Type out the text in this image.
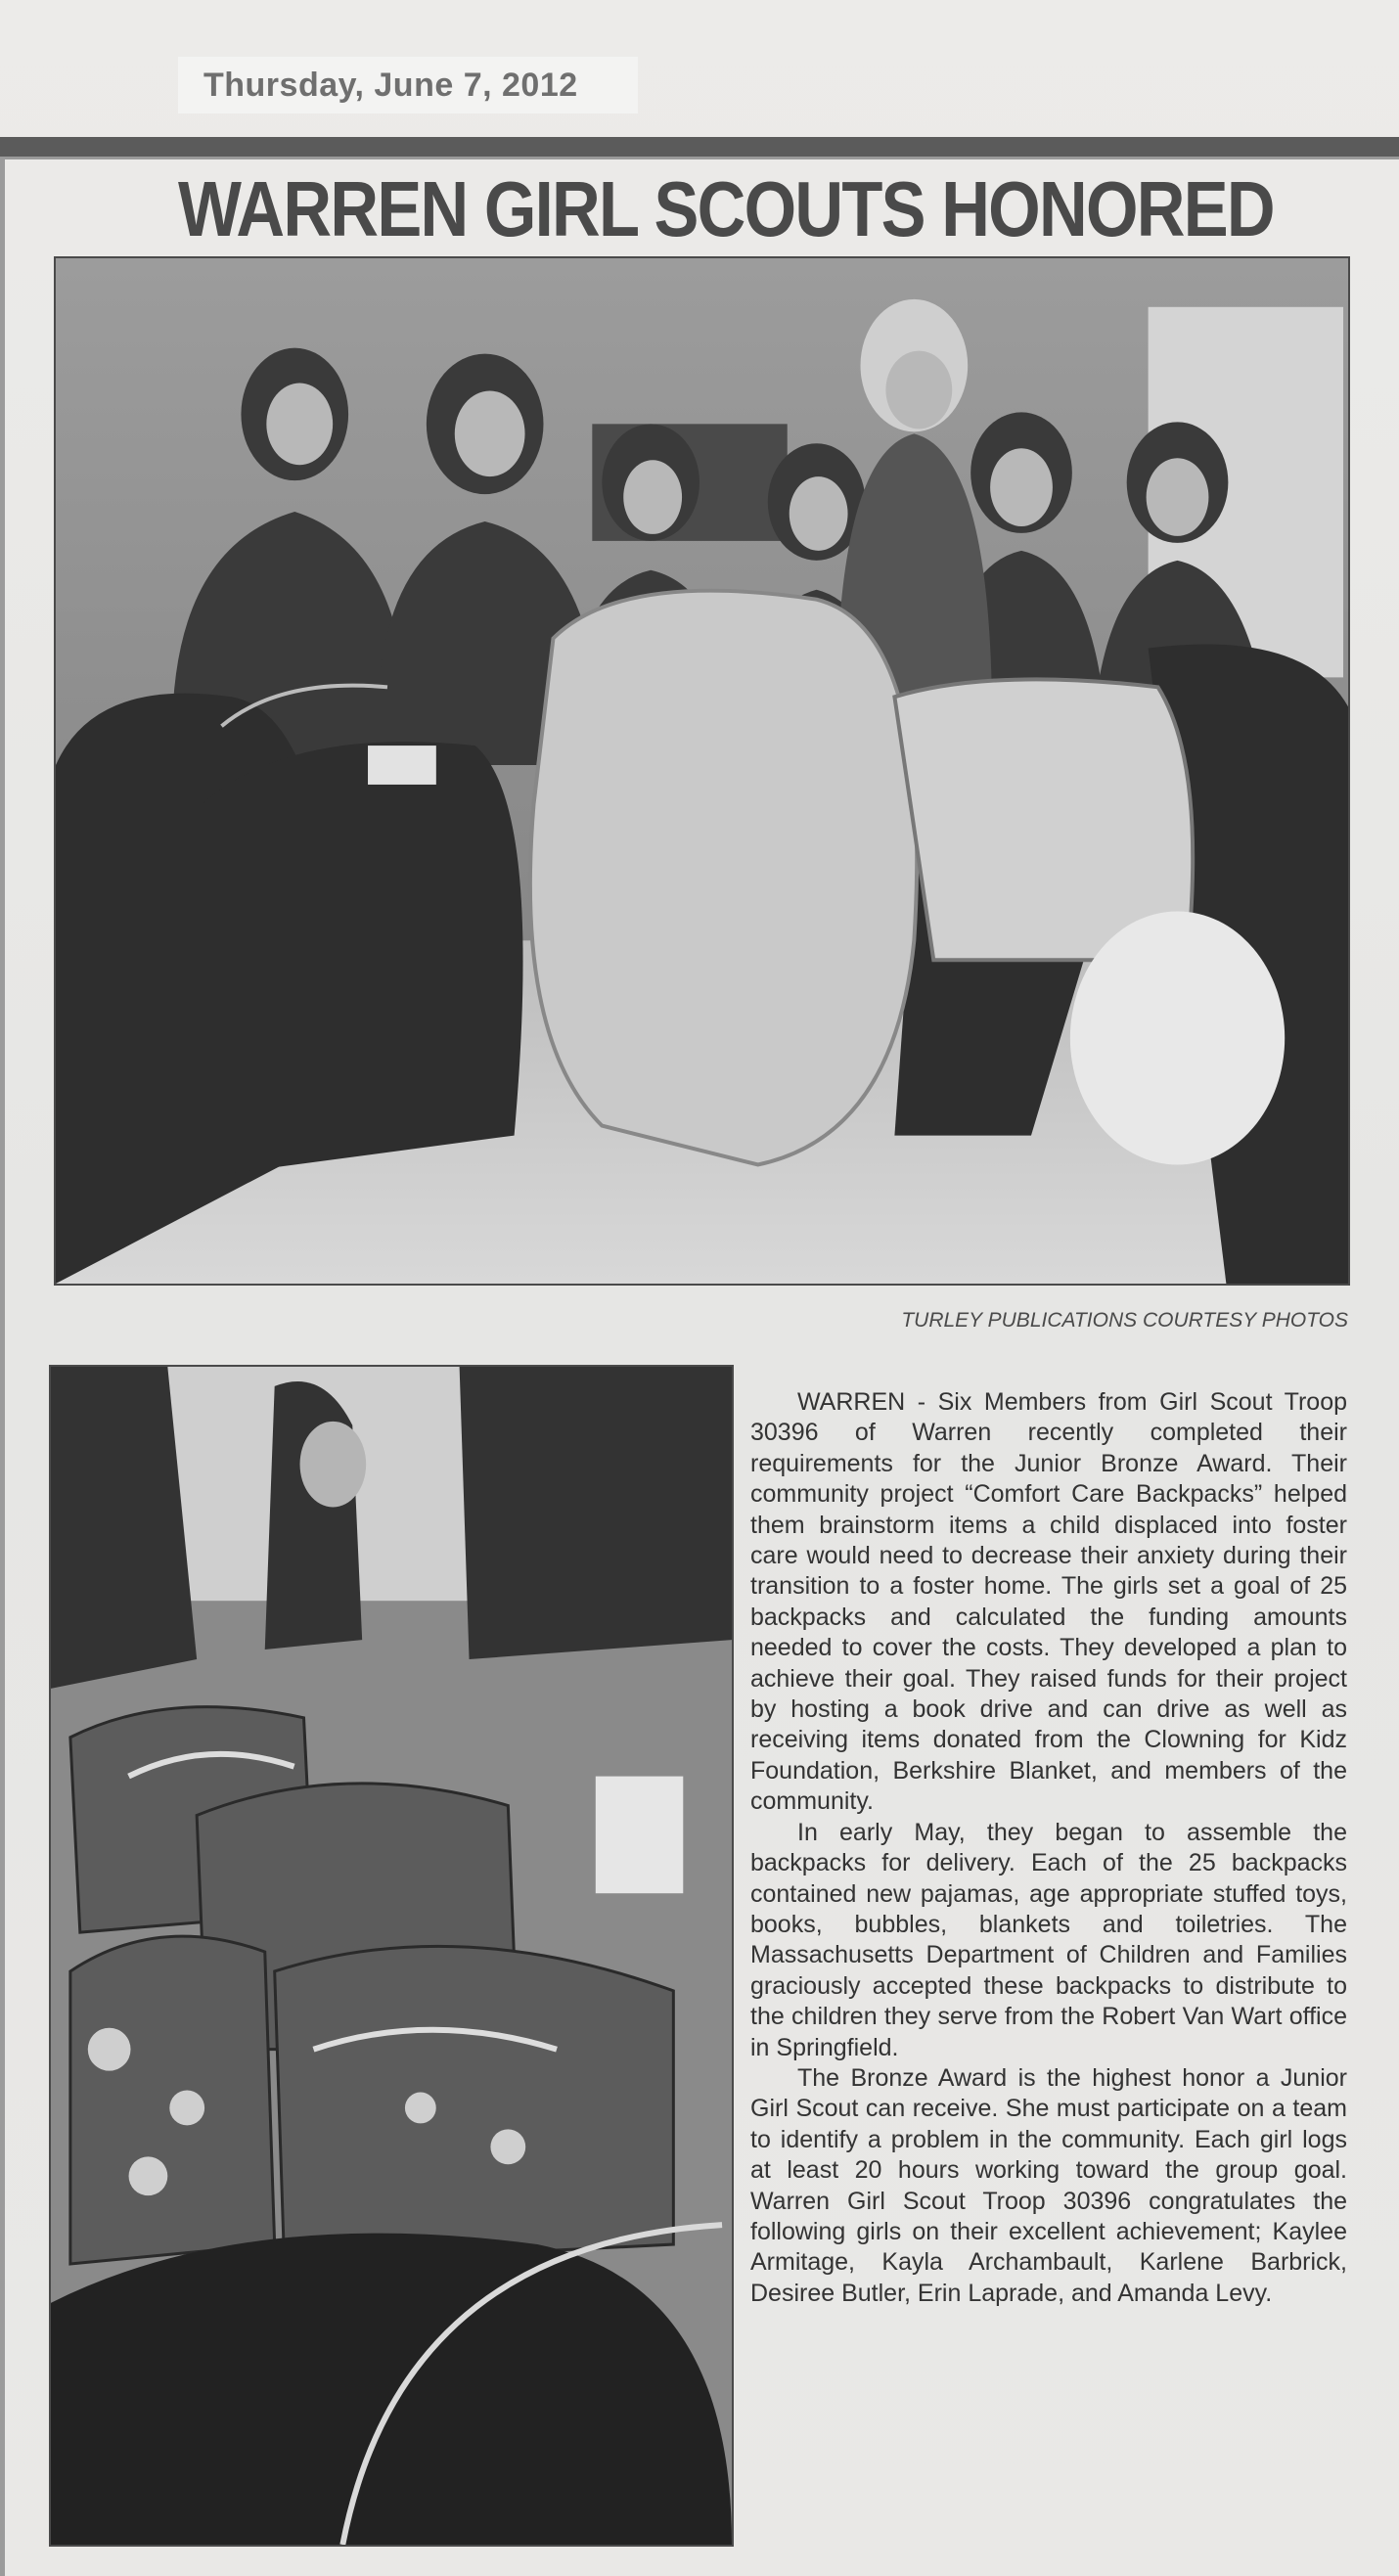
Thursday, June 7, 2012
WARREN GIRL SCOUTS HONORED
TURLEY PUBLICATIONS COURTESY PHOTOS

WARREN - Six Members from Girl Scout Troop 30396 of Warren recently completed their requirements for the Junior Bronze Award. Their community project “Comfort Care Backpacks” helped them brainstorm items a child displaced into foster care would need to decrease their anxiety during their transition to a foster home. The girls set a goal of 25 backpacks and calculated the funding amounts needed to cover the costs. They developed a plan to achieve their goal. They raised funds for their project by hosting a book drive and can drive as well as receiving items donated from the Clowning for Kidz Foundation, Berkshire Blanket, and members of the community.

In early May, they began to assemble the backpacks for delivery. Each of the 25 backpacks contained new pajamas, age appropriate stuffed toys, books, bubbles, blankets and toiletries. The Massachusetts Department of Children and Families graciously accepted these backpacks to distribute to the children they serve from the Robert Van Wart office in Springfield.

The Bronze Award is the highest honor a Junior Girl Scout can receive. She must participate on a team to identify a problem in the community. Each girl logs at least 20 hours working toward the group goal. Warren Girl Scout Troop 30396 congratulates the following girls on their excellent achievement; Kaylee Armitage, Kayla Archambault, Karlene Barbrick, Desiree Butler, Erin Laprade, and Amanda Levy.
